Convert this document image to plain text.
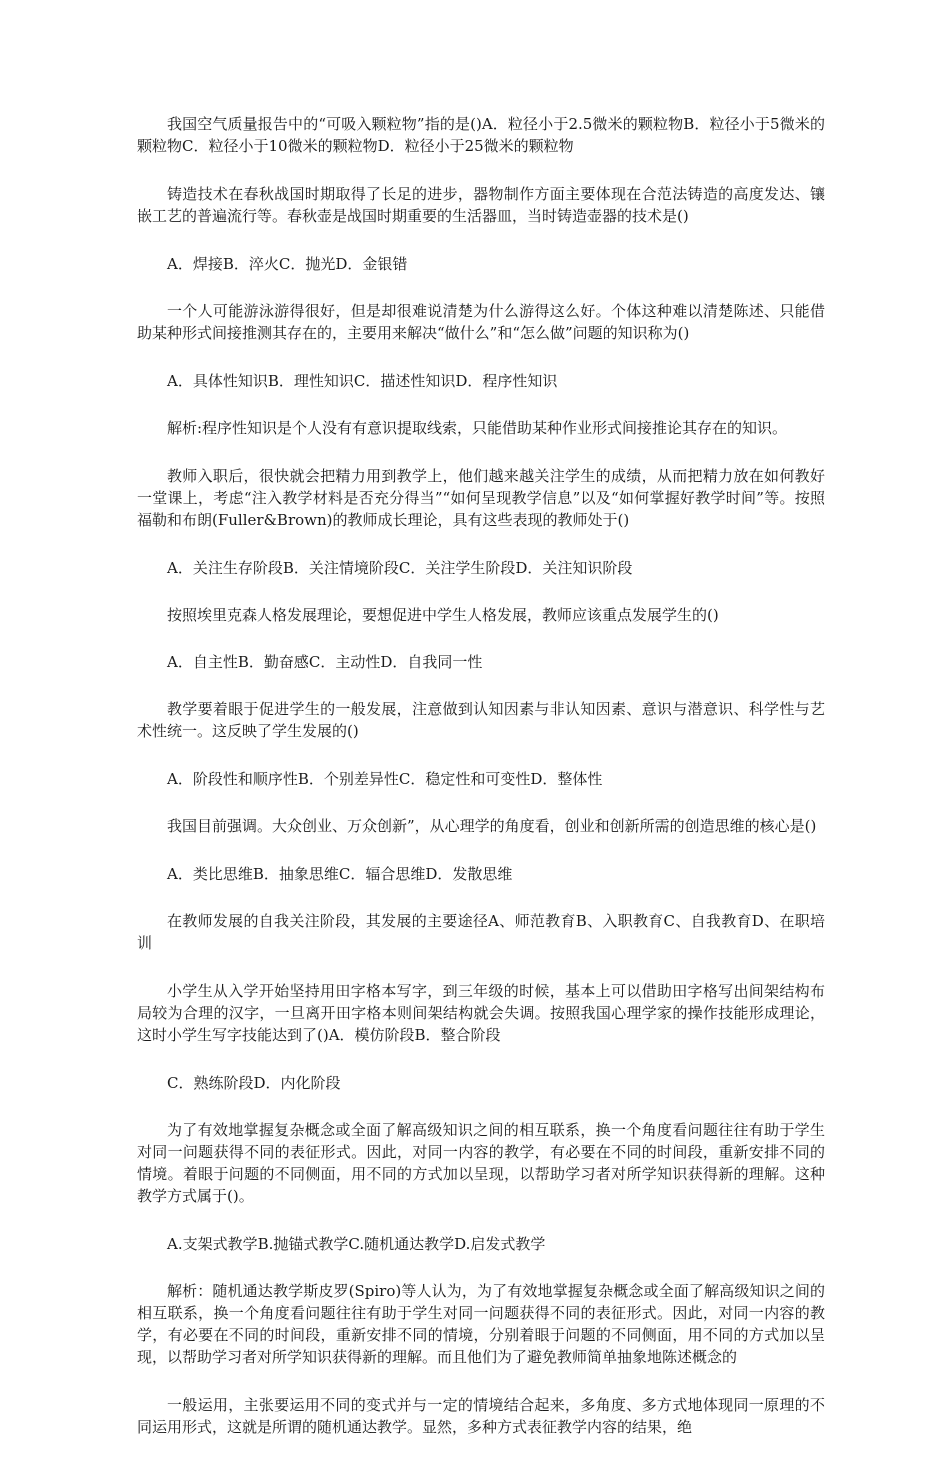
我国空气质量报告中的“可吸入颗粒物”指的是()A．粒径小于2.5微米的颗粒物B．粒径小于5微米的颗粒物C．粒径小于10微米的颗粒物D．粒径小于25微米的颗粒物

铸造技术在春秋战国时期取得了长足的进步，器物制作方面主要体现在合范法铸造的高度发达、镶嵌工艺的普遍流行等。春秋壶是战国时期重要的生活器皿，当时铸造壶器的技术是()

A．焊接B．淬火C．抛光D．金银错

一个人可能游泳游得很好，但是却很难说清楚为什么游得这么好。个体这种难以清楚陈述、只能借助某种形式间接推测其存在的，主要用来解决“做什么”和“怎么做”问题的知识称为()

A．具体性知识B．理性知识C．描述性知识D．程序性知识

解析:程序性知识是个人没有有意识提取线索，只能借助某种作业形式间接推论其存在的知识。

教师入职后，很快就会把精力用到教学上，他们越来越关注学生的成绩，从而把精力放在如何教好一堂课上，考虑“注入教学材料是否充分得当”“如何呈现教学信息”以及“如何掌握好教学时间”等。按照福勒和布朗(Fuller&Brown)的教师成长理论，具有这些表现的教师处于()

A．关注生存阶段B．关注情境阶段C．关注学生阶段D．关注知识阶段

按照埃里克森人格发展理论，要想促进中学生人格发展，教师应该重点发展学生的()

A．自主性B．勤奋感C．主动性D．自我同一性

教学要着眼于促进学生的一般发展，注意做到认知因素与非认知因素、意识与潜意识、科学性与艺术性统一。这反映了学生发展的()

A．阶段性和顺序性B．个别差异性C．稳定性和可变性D．整体性

我国目前强调。大众创业、万众创新”，从心理学的角度看，创业和创新所需的创造思维的核心是()

A．类比思维B．抽象思维C．辐合思维D．发散思维

在教师发展的自我关注阶段，其发展的主要途径A、师范教育B、入职教育C、自我教育D、在职培训

小学生从入学开始坚持用田字格本写字，到三年级的时候，基本上可以借助田字格写出间架结构布局较为合理的汉字，一旦离开田字格本则间架结构就会失调。按照我国心理学家的操作技能形成理论，这时小学生写字技能达到了()A．模仿阶段B．整合阶段

C．熟练阶段D．内化阶段

为了有效地掌握复杂概念或全面了解高级知识之间的相互联系，换一个角度看问题往往有助于学生对同一问题获得不同的表征形式。因此，对同一内容的教学，有必要在不同的时间段，重新安排不同的情境。着眼于问题的不同侧面，用不同的方式加以呈现，以帮助学习者对所学知识获得新的理解。这种教学方式属于()。

A.支架式教学B.抛锚式教学C.随机通达教学D.启发式教学

解析：随机通达教学斯皮罗(Spiro)等人认为，为了有效地掌握复杂概念或全面了解高级知识之间的相互联系，换一个角度看问题往往有助于学生对同一问题获得不同的表征形式。因此，对同一内容的教学，有必要在不同的时间段，重新安排不同的情境，分别着眼于问题的不同侧面，用不同的方式加以呈现，以帮助学习者对所学知识获得新的理解。而且他们为了避免教师简单抽象地陈述概念的

一般运用，主张要运用不同的变式并与一定的情境结合起来，多角度、多方式地体现同一原理的不同运用形式，这就是所谓的随机通达教学。显然，多种方式表征教学内容的结果，绝
